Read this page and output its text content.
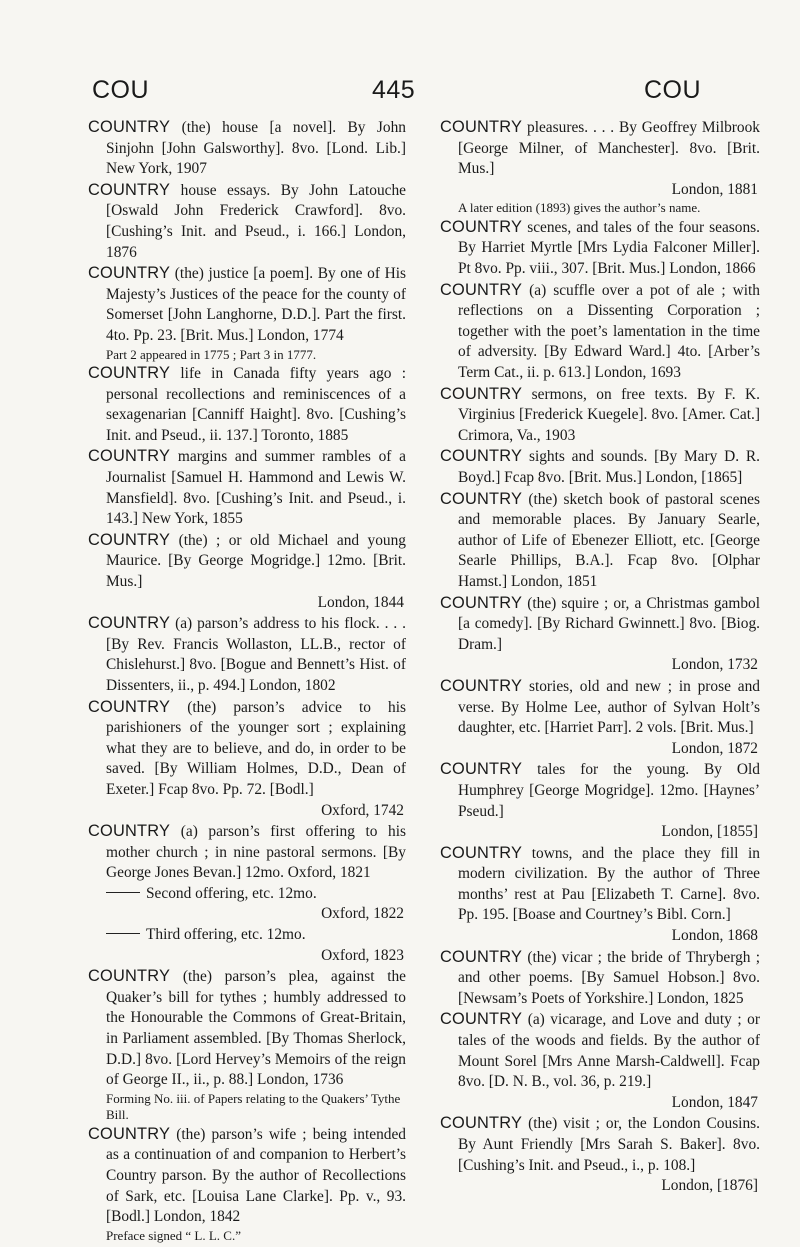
COU	445	COU
COUNTRY (the) house [a novel]. By John Sinjohn [John Galsworthy]. 8vo. [Lond. Lib.] New York, 1907
COUNTRY house essays. By John Latouche [Oswald John Frederick Crawford]. 8vo. [Cushing’s Init. and Pseud., i. 166.] London, 1876
COUNTRY (the) justice [a poem]. By one of His Majesty’s Justices of the peace for the county of Somerset [John Langhorne, D.D.]. Part the first. 4to. Pp. 23. [Brit. Mus.] London, 1774
Part 2 appeared in 1775 ; Part 3 in 1777.
COUNTRY life in Canada fifty years ago : personal recollections and reminiscences of a sexagenarian [Canniff Haight]. 8vo. [Cushing’s Init. and Pseud., ii. 137.] Toronto, 1885
COUNTRY margins and summer rambles of a Journalist [Samuel H. Hammond and Lewis W. Mansfield]. 8vo. [Cushing’s Init. and Pseud., i. 143.] New York, 1855
COUNTRY (the) ; or old Michael and young Maurice. [By George Mogridge.] 12mo. [Brit. Mus.]
London, 1844
COUNTRY (a) parson’s address to his flock. . . . [By Rev. Francis Wollaston, LL.B., rector of Chislehurst.] 8vo. [Bogue and Bennett’s Hist. of Dissenters, ii., p. 494.] London, 1802
COUNTRY (the) parson’s advice to his parishioners of the younger sort ; explaining what they are to believe, and do, in order to be saved. [By William Holmes, D.D., Dean of Exeter.] Fcap 8vo. Pp. 72. [Bodl.]
Oxford, 1742
COUNTRY (a) parson’s first offering to his mother church ; in nine pastoral sermons. [By George Jones Bevan.] 12mo. Oxford, 1821
Second offering, etc. 12mo.
Oxford, 1822
Third offering, etc. 12mo.
Oxford, 1823
COUNTRY (the) parson’s plea, against the Quaker’s bill for tythes ; humbly addressed to the Honourable the Commons of Great-Britain, in Parliament assembled. [By Thomas Sherlock, D.D.] 8vo. [Lord Hervey’s Memoirs of the reign of George II., ii., p. 88.] London, 1736
Forming No. iii. of Papers relating to the Quakers’ Tythe Bill.
COUNTRY (the) parson’s wife ; being intended as a continuation of and companion to Herbert’s Country parson. By the author of Recollections of Sark, etc. [Louisa Lane Clarke]. Pp. v., 93. [Bodl.] London, 1842
Preface signed “ L. L. C.”
COUNTRY pleasures. . . . By Geoffrey Milbrook [George Milner, of Manchester]. 8vo. [Brit. Mus.]
London, 1881
A later edition (1893) gives the author’s name.
COUNTRY scenes, and tales of the four seasons. By Harriet Myrtle [Mrs Lydia Falconer Miller]. Pt 8vo. Pp. viii., 307. [Brit. Mus.] London, 1866
COUNTRY (a) scuffle over a pot of ale ; with reflections on a Dissenting Corporation ; together with the poet’s lamentation in the time of adversity. [By Edward Ward.] 4to. [Arber’s Term Cat., ii. p. 613.] London, 1693
COUNTRY sermons, on free texts. By F. K. Virginius [Frederick Kuegele]. 8vo. [Amer. Cat.] Crimora, Va., 1903
COUNTRY sights and sounds. [By Mary D. R. Boyd.] Fcap 8vo. [Brit. Mus.] London, [1865]
COUNTRY (the) sketch book of pastoral scenes and memorable places. By January Searle, author of Life of Ebenezer Elliott, etc. [George Searle Phillips, B.A.]. Fcap 8vo. [Olphar Hamst.] London, 1851
COUNTRY (the) squire ; or, a Christmas gambol [a comedy]. [By Richard Gwinnett.] 8vo. [Biog. Dram.]
London, 1732
COUNTRY stories, old and new ; in prose and verse. By Holme Lee, author of Sylvan Holt’s daughter, etc. [Harriet Parr]. 2 vols. [Brit. Mus.]
London, 1872
COUNTRY tales for the young. By Old Humphrey [George Mogridge]. 12mo. [Haynes’ Pseud.]
London, [1855]
COUNTRY towns, and the place they fill in modern civilization. By the author of Three months’ rest at Pau [Elizabeth T. Carne]. 8vo. Pp. 195. [Boase and Courtney’s Bibl. Corn.]
London, 1868
COUNTRY (the) vicar ; the bride of Thrybergh ; and other poems. [By Samuel Hobson.] 8vo. [Newsam’s Poets of Yorkshire.] London, 1825
COUNTRY (a) vicarage, and Love and duty ; or tales of the woods and fields. By the author of Mount Sorel [Mrs Anne Marsh-Caldwell]. Fcap 8vo. [D. N. B., vol. 36, p. 219.]
London, 1847
COUNTRY (the) visit ; or, the London Cousins. By Aunt Friendly [Mrs Sarah S. Baker]. 8vo. [Cushing’s Init. and Pseud., i., p. 108.]
London, [1876]
